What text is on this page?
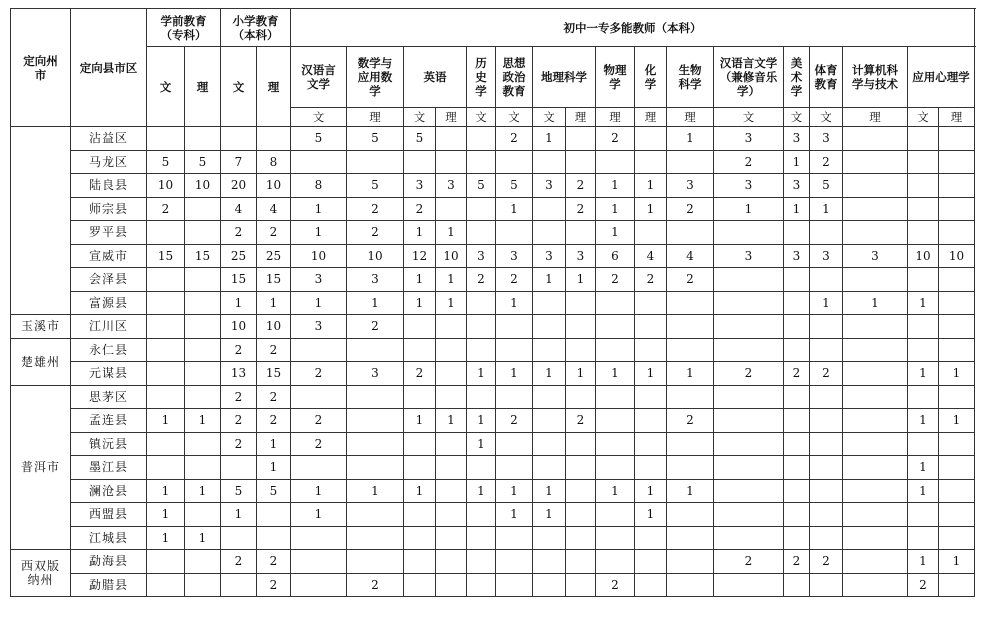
定向州市	定向县市区	学前教育（专科）		小学教育（本科）		初中一专多能教师（本科）																
		文	理	文	理	汉语言文学	数学与应用数学	英语		历史学	思想政治教育	地理科学		物理学	化学	生物科学	汉语言文学（兼修音乐学）	美术学	体育教育	计算机科学与技术	应用心理学	
						文	理	文	理	文	文	文	理	理	理	理	文	文	文	理	文	理
	沾益区					5	5	5			2	1		2		1	3	3	3			
	马龙区	5	5	7	8												2	1	2			
	陆良县	10	10	20	10	8	5	3	3	5	5	3	2	1	1	3	3	3	5			
	师宗县	2		4	4	1	2	2			1		2	1	1	2	1	1	1			
	罗平县			2	2	1	2	1	1					1								
	宣威市	15	15	25	25	10	10	12	10	3	3	3	3	6	4	4	3	3	3	3	10	10
	会泽县			15	15	3	3	1	1	2	2	1	1	2	2	2						
	富源县			1	1	1	1	1	1		1								1	1	1	
玉溪市	江川区			10	10	3	2															
楚雄州	永仁县			2	2																	
	元谋县			13	15	2	3	2		1	1	1	1	1	1	1	2	2	2		1	1
普洱市	思茅区			2	2																	
	孟连县	1	1	2	2	2		1	1	1	2		2			2					1	1
	镇沅县			2	1	2				1												
	墨江县				1																1	
	澜沧县	1	1	5	5	1	1	1		1	1	1		1	1	1					1	
	西盟县	1		1		1					1	1			1							
	江城县	1	1																			
西双版纳州	勐海县			2	2												2	2	2		1	1
	勐腊县				2		2							2							2	
